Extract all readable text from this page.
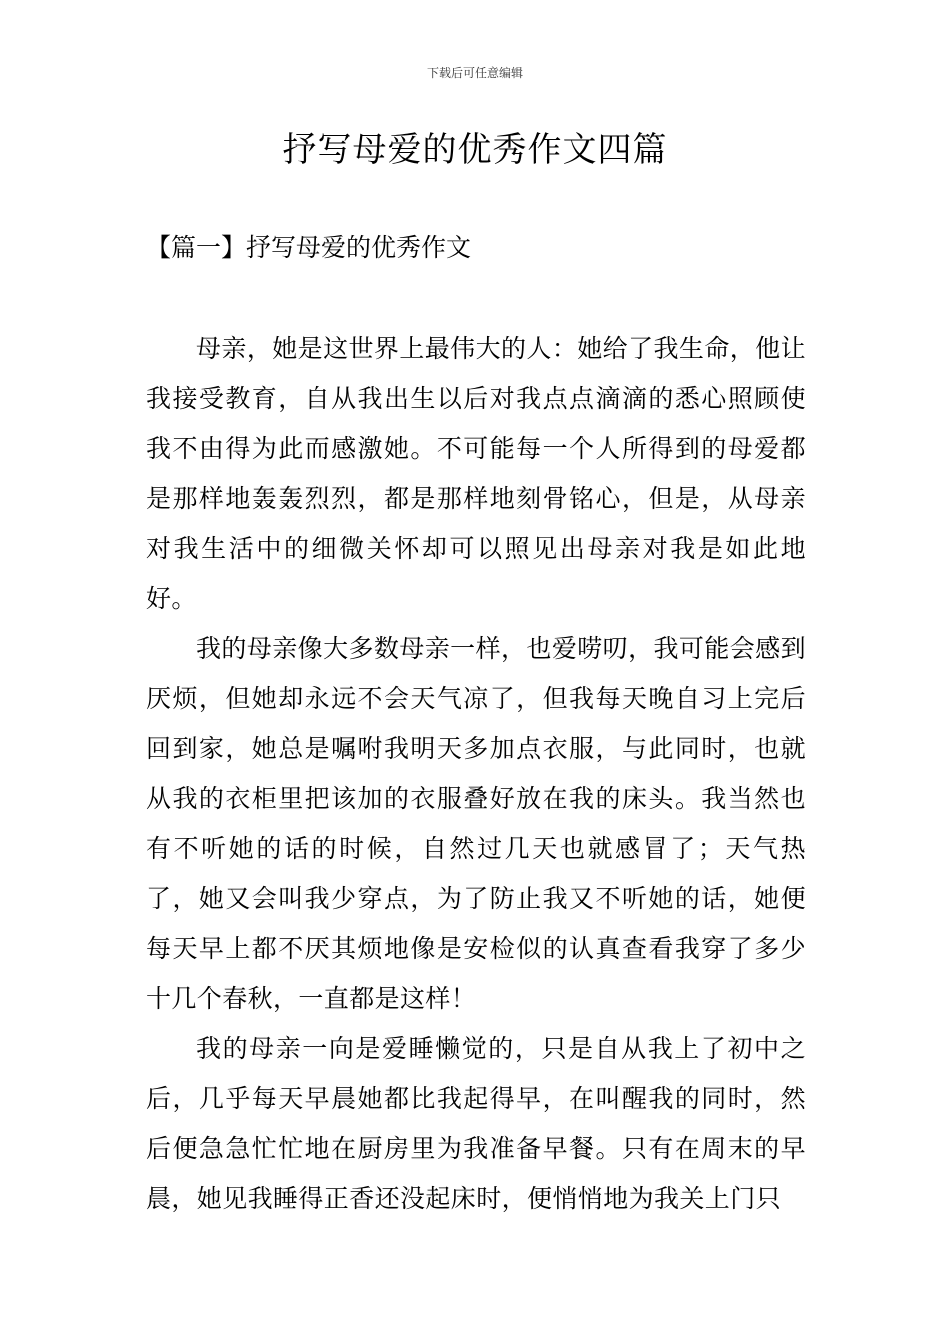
下载后可任意编辑
抒写母爱的优秀作文四篇
【篇一】抒写母爱的优秀作文

母亲，她是这世界上最伟大的人：她给了我生命，他让我接受教育，自从我出生以后对我点点滴滴的悉心照顾使我不由得为此而感激她。不可能每一个人所得到的母爱都是那样地轰轰烈烈，都是那样地刻骨铭心，但是，从母亲对我生活中的细微关怀却可以照见出母亲对我是如此地好。

我的母亲像大多数母亲一样，也爱唠叨，我可能会感到厌烦，但她却永远不会天气凉了，但我每天晚自习上完后回到家，她总是嘱咐我明天多加点衣服，与此同时，也就从我的衣柜里把该加的衣服叠好放在我的床头。我当然也有不听她的话的时候，自然过几天也就感冒了；天气热了，她又会叫我少穿点，为了防止我又不听她的话，她便每天早上都不厌其烦地像是安检似的认真查看我穿了多少十几个春秋，一直都是这样！

我的母亲一向是爱睡懒觉的，只是自从我上了初中之后，几乎每天早晨她都比我起得早，在叫醒我的同时，然后便急急忙忙地在厨房里为我准备早餐。只有在周末的早晨，她见我睡得正香还没起床时，便悄悄地为我关上门只
